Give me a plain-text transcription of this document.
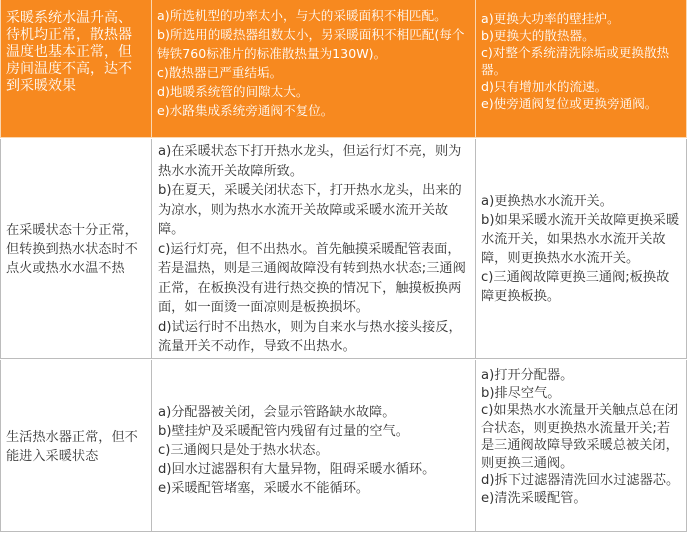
采暖系统水温升高、待机均正常，散热器温度也基本正常，但房间温度不高，达不到采暖效果
a)所选机型的功率太小，与大的采暖面积不相匹配。
b)所选用的暖热器组数太小，另采暖面积不相匹配(每个铸铁760标准片的标准散热量为130W)。
c)散热器已严重结垢。
d)地暖系统管的间隙太大。
e)水路集成系统旁通阀不复位。
a)更换大功率的壁挂炉。
b)更换大的散热器。
c)对整个系统清洗除垢或更换散热器。
d)只有增加水的流速。
e)使旁通阀复位或更换旁通阀。
在采暖状态十分正常，但转换到热水状态时不点火或热水水温不热
a)在采暖状态下打开热水龙头，但运行灯不亮，则为热水水流开关故障所致。
b)在夏天，采暖关闭状态下，打开热水龙头，出来的为凉水，则为热水水流开关故障或采暖水流开关故障。
c)运行灯亮，但不出热水。首先触摸采暖配管表面，若是温热，则是三通阀故障没有转到热水状态;三通阀正常，在板换没有进行热交换的情况下，触摸板换两面，如一面烫一面凉则是板换损坏。
d)试运行时不出热水，则为自来水与热水接头接反，流量开关不动作，导致不出热水。
a)更换热水水流开关。
b)如果采暖水流开关故障更换采暖水流开关，如果热水水流开关故障，则更换热水水流开关。
c)三通阀故障更换三通阀;板换故障更换板换。
生活热水器正常，但不能进入采暖状态
a)分配器被关闭，会显示管路缺水故障。
b)壁挂炉及采暖配管内残留有过量的空气。
c)三通阀只是处于热水状态。
d)回水过滤器积有大量异物，阻碍采暖水循环。
e)采暖配管堵塞，采暖水不能循环。
a)打开分配器。
b)排尽空气。
c)如果热水水流量开关触点总在闭合状态，则更换热水流量开关;若是三通阀故障导致采暖总被关闭，则更换三通阀。
d)拆下过滤器清洗回水过滤器芯。
e)清洗采暖配管。
